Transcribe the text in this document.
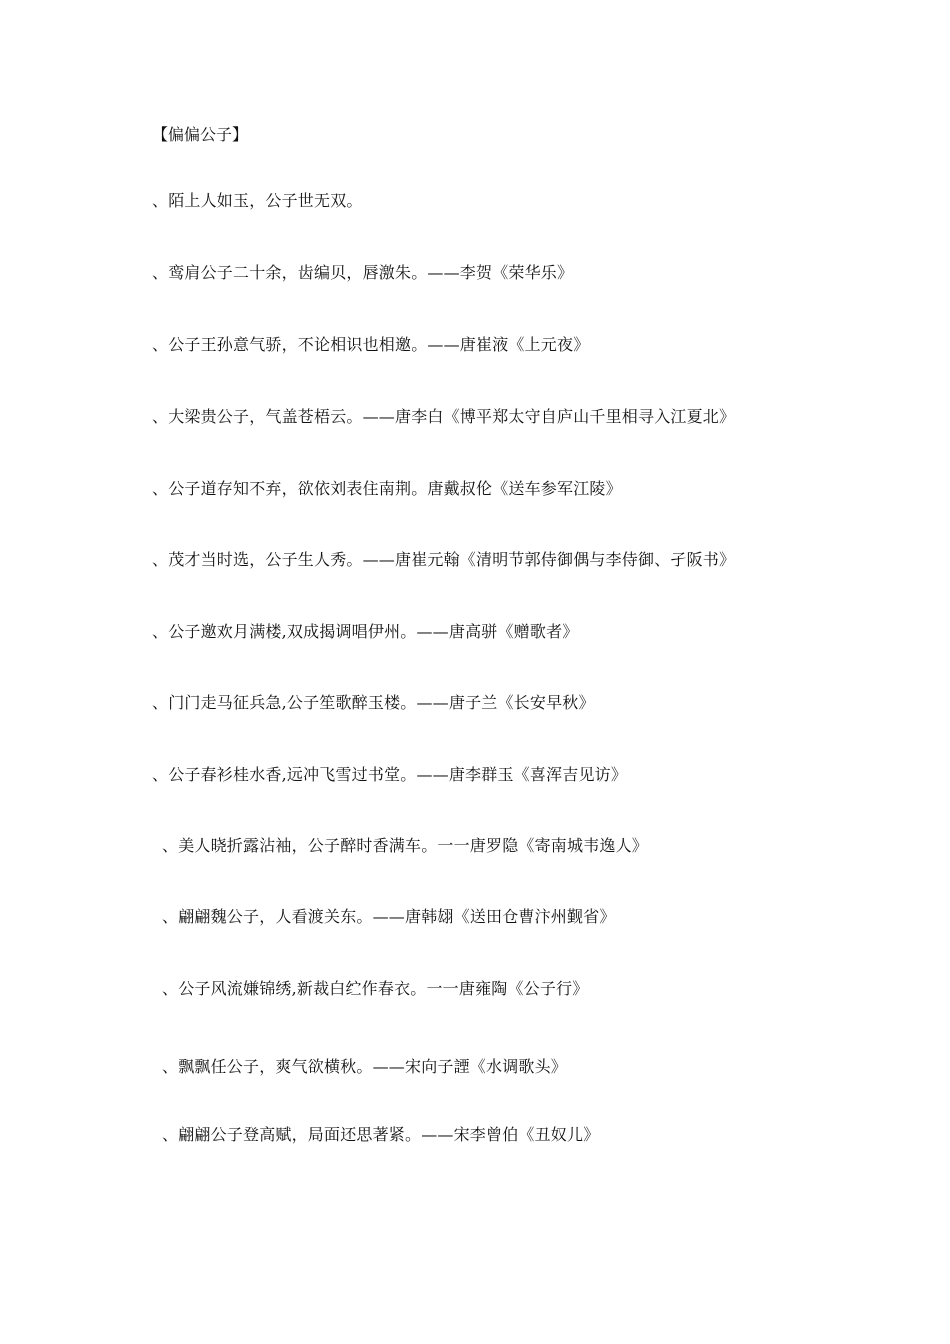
【偏偏公子】
、陌上人如玉，公子世无双。
、鸾肩公子二十余，齿编贝，唇激朱。——李贺《荣华乐》
、公子王孙意气骄，不论相识也相邀。——唐崔液《上元夜》
、大梁贵公子，气盖苍梧云。——唐李白《博平郑太守自庐山千里相寻入江夏北》
、公子道存知不弃，欲依刘表住南荆。唐戴叔伦《送车参军江陵》
、茂才当时选，公子生人秀。——唐崔元翰《清明节郭侍御偶与李侍御、孑阪书》
、公子邀欢月满楼,双成揭调唱伊州。——唐高骈《赠歌者》
、门门走马征兵急,公子笙歌醉玉楼。——唐子兰《长安早秋》
、公子春衫桂水香,远冲飞雪过书堂。——唐李群玉《喜浑吉见访》
、美人晓折露沾袖，公子醉时香满车。一一唐罗隐《寄南城韦逸人》
、翩翩魏公子，人看渡关东。——唐韩翃《送田仓曹汴州觐省》
、公子风流嫌锦绣,新裁白纻作春衣。一一唐雍陶《公子行》
、飘飘任公子，爽气欲横秋。——宋向子諲《水调歌头》
、翩翩公子登高赋，局面还思著紧。——宋李曾伯《丑奴儿》
